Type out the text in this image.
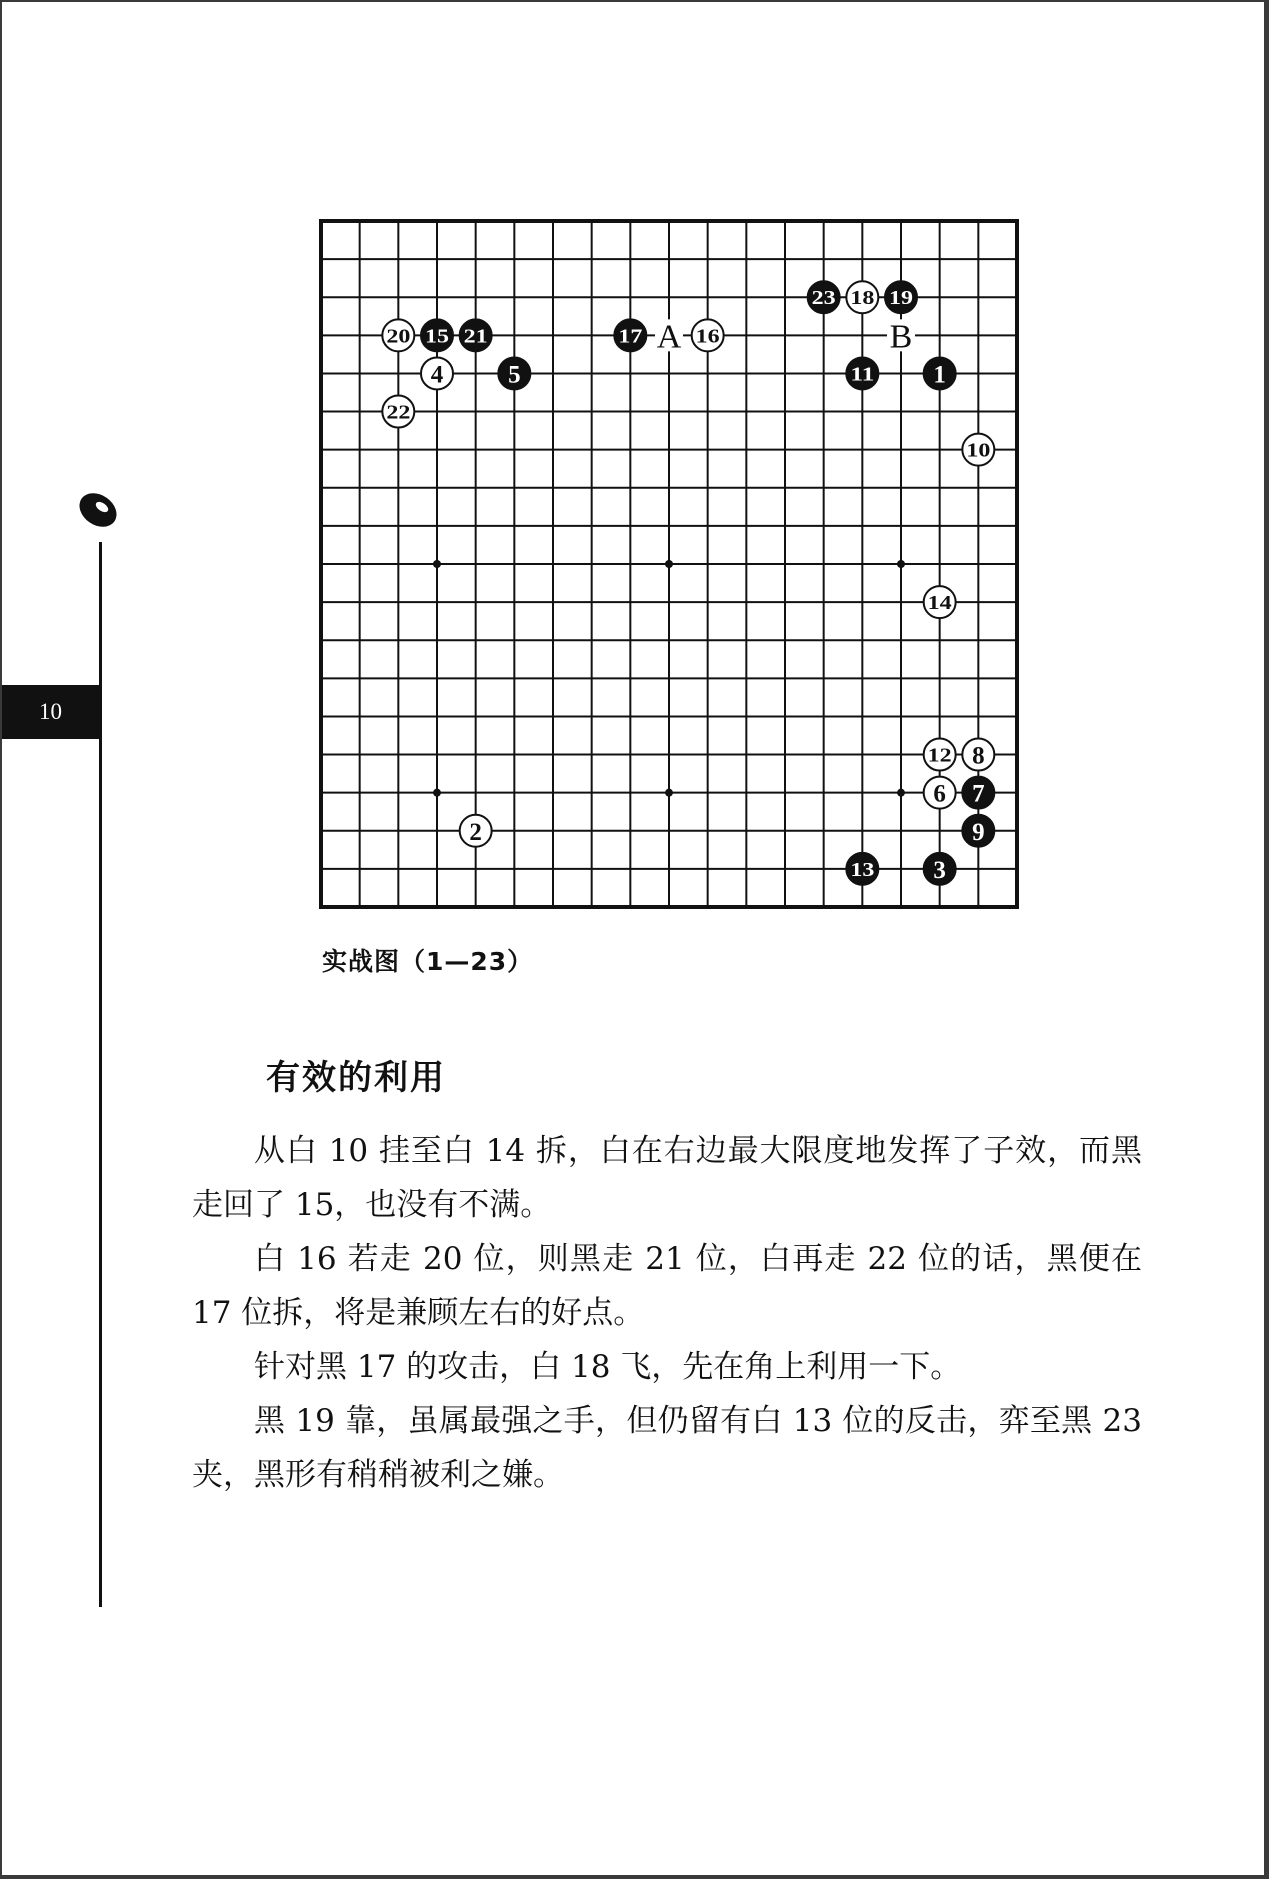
10
A	B
1
2
3
4	5
6 7
8
9
10
11
12
13
14
15	16
17
18 19
20	21
22
23
实战图（1—23）
有效的利用

从白 10 挂至白 14 拆，白在右边最大限度地发挥了子效，而黑走回了 15，也没有不满。

白 16 若走 20 位，则黑走 21 位，白再走 22 位的话，黑便在 17 位拆，将是兼顾左右的好点。

针对黑 17 的攻击，白 18 飞，先在角上利用一下。

黑 19 靠，虽属最强之手，但仍留有白 13 位的反击，弈至黑 23 夹，黑形有稍稍被利之嫌。
